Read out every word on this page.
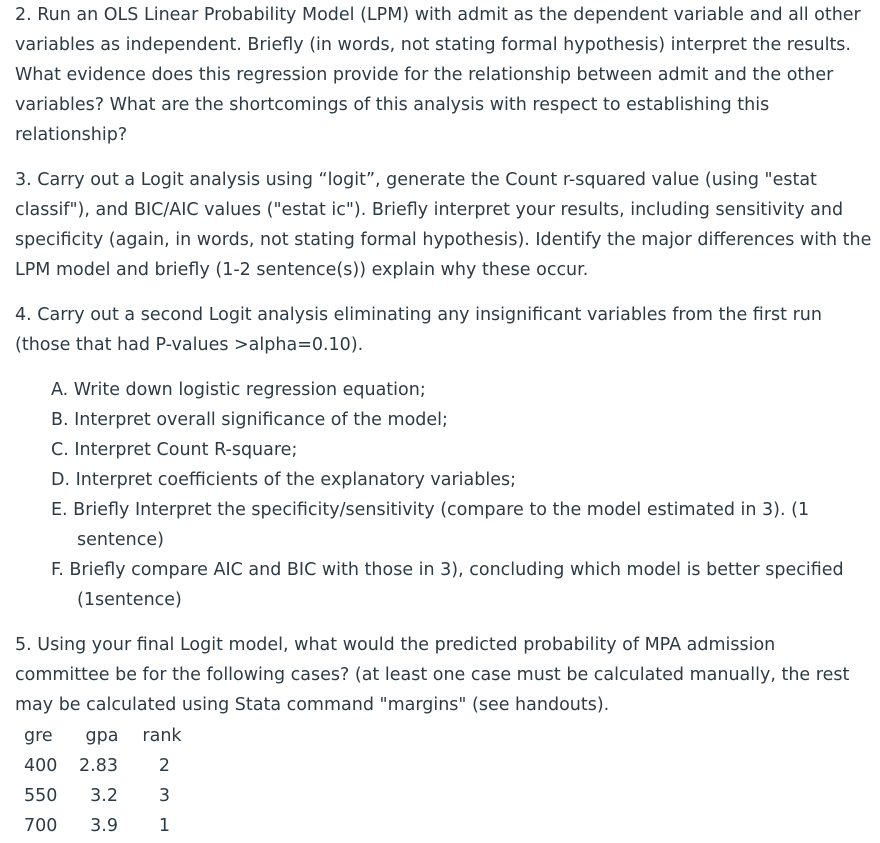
2. Run an OLS Linear Probability Model (LPM) with admit as the dependent variable and all other variables as independent. Briefly (in words, not stating formal hypothesis) interpret the results. What evidence does this regression provide for the relationship between admit and the other variables? What are the shortcomings of this analysis with respect to establishing this relationship?

3. Carry out a Logit analysis using “logit”, generate the Count r-squared value (using "estat classif"), and BIC/AIC values ("estat ic"). Briefly interpret your results, including sensitivity and specificity (again, in words, not stating formal hypothesis). Identify the major differences with the LPM model and briefly (1-2 sentence(s)) explain why these occur.

4. Carry out a second Logit analysis eliminating any insignificant variables from the first run (those that had P-values >alpha=0.10).

A. Write down logistic regression equation;
B. Interpret overall significance of the model;
C. Interpret Count R-square;
D. Interpret coefficients of the explanatory variables;
E. Briefly Interpret the specificity/sensitivity (compare to the model estimated in 3). (1
sentence)
F. Briefly compare AIC and BIC with those in 3), concluding which model is better specified
(1sentence)

5. Using your final Logit model, what would the predicted probability of MPA admission committee be for the following cases? (at least one case must be calculated manually, the rest may be calculated using Stata command "margins" (see handouts).

gre	gpa	rank
400	2.83	2
550	3.2	3
700	3.9	1
